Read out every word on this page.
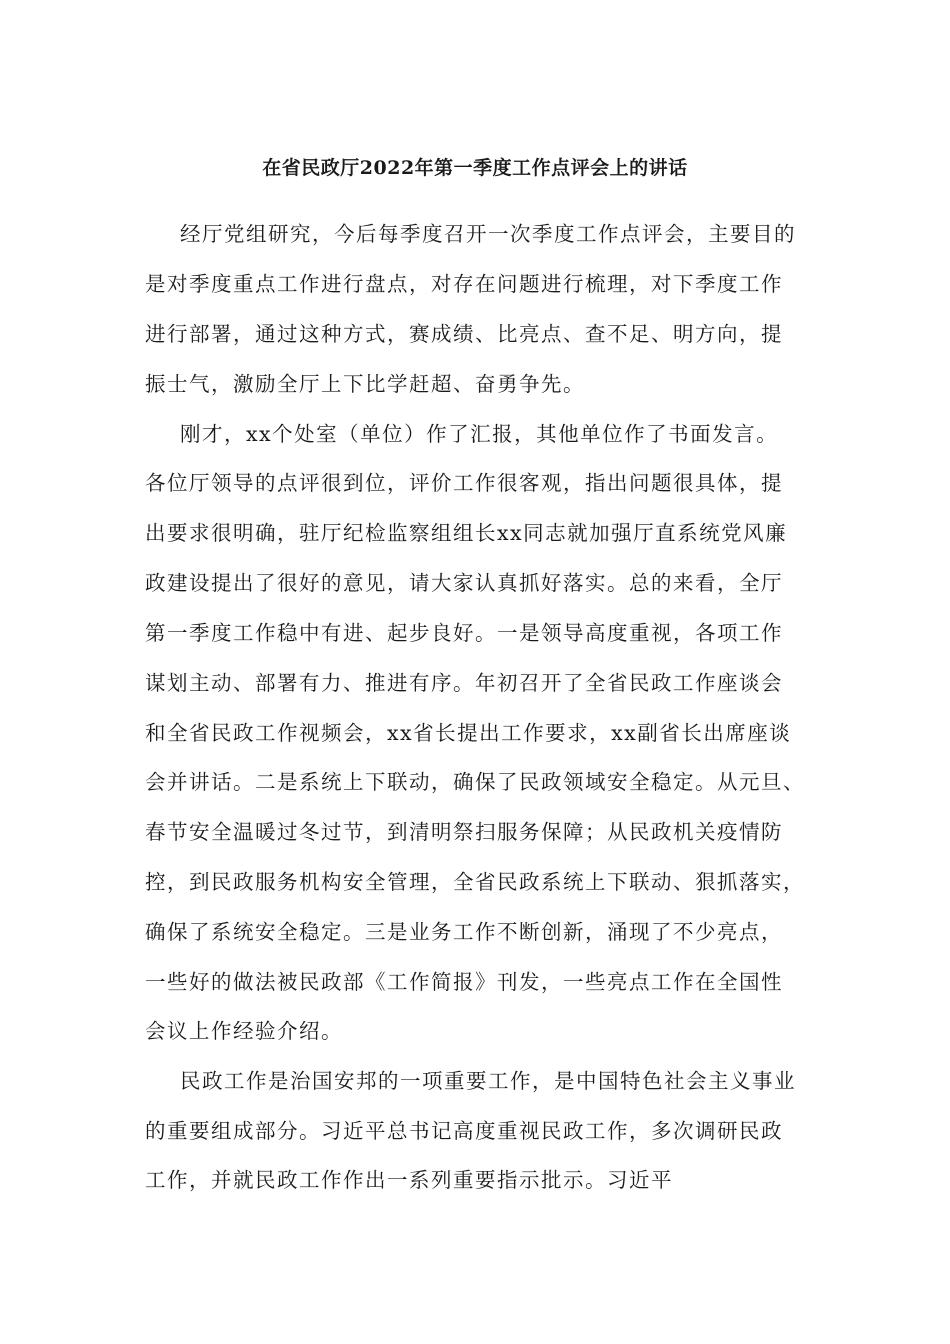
在省民政厅2022年第一季度工作点评会上的讲话
经厅党组研究，今后每季度召开一次季度工作点评会，主要目的
是对季度重点工作进行盘点，对存在问题进行梳理，对下季度工作
进行部署，通过这种方式，赛成绩、比亮点、查不足、明方向，提
振士气，激励全厅上下比学赶超、奋勇争先。
刚才，xx个处室（单位）作了汇报，其他单位作了书面发言。
各位厅领导的点评很到位，评价工作很客观，指出问题很具体，提
出要求很明确，驻厅纪检监察组组长xx同志就加强厅直系统党风廉
政建设提出了很好的意见，请大家认真抓好落实。总的来看，全厅
第一季度工作稳中有进、起步良好。一是领导高度重视，各项工作
谋划主动、部署有力、推进有序。年初召开了全省民政工作座谈会
和全省民政工作视频会，xx省长提出工作要求，xx副省长出席座谈
会并讲话。二是系统上下联动，确保了民政领域安全稳定。从元旦、
春节安全温暖过冬过节，到清明祭扫服务保障；从民政机关疫情防
控，到民政服务机构安全管理，全省民政系统上下联动、狠抓落实，
确保了系统安全稳定。三是业务工作不断创新，涌现了不少亮点，
一些好的做法被民政部《工作简报》刊发，一些亮点工作在全国性
会议上作经验介绍。
民政工作是治国安邦的一项重要工作，是中国特色社会主义事业
的重要组成部分。习近平总书记高度重视民政工作，多次调研民政
工作，并就民政工作作出一系列重要指示批示。习近平
